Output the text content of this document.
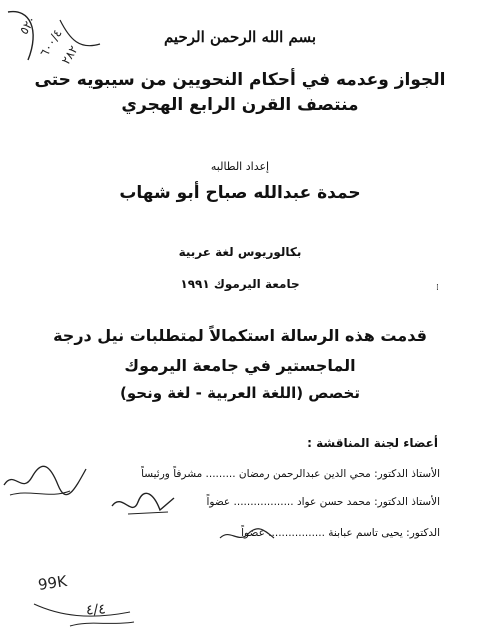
٥٢٠
٦٠٠/٤
٢٨٢
بسم الله الرحمن الرحيم
الجواز وعدمه في أحكام النحويين من سيبويه حتى
منتصف القرن الرابع الهجري
إعداد الطالبه
حمدة عبدالله صباح أبو شهاب
بكالوريوس لغة عربية
جامعة اليرموك ١٩٩١	⁞
قدمت هذه الرسالة استكمالاً لمتطلبات نيل درجة
الماجستير في جامعة اليرموك
تخصص (اللغة العربية - لغة ونحو)
أعضاء لجنة المناقشة :
الأستاذ الدكتور: محي الدين عبدالرحمن رمضان ......... مشرفاً ورئيساً
الأستاذ الدكتور: محمد حسن عواد .................. عضواً
الدكتور: يحيى تاسم عبابنة ................. عضواً
99K
٤/٤
